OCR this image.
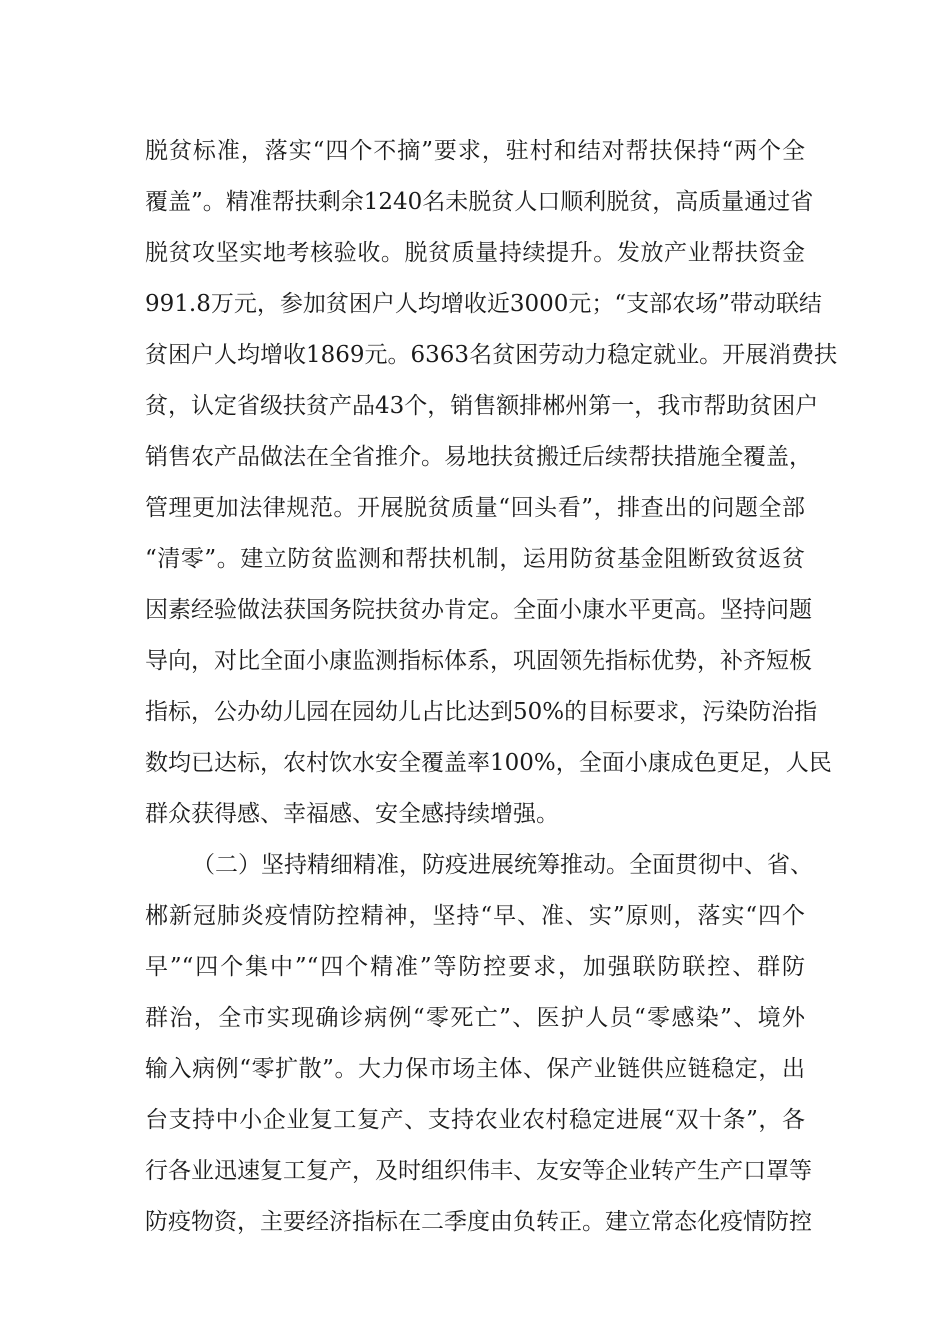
脱贫标准，落实“四个不摘”要求，驻村和结对帮扶保持“两个全
覆盖”。精准帮扶剩余1240名未脱贫人口顺利脱贫，高质量通过省
脱贫攻坚实地考核验收。脱贫质量持续提升。发放产业帮扶资金
991.8万元，参加贫困户人均增收近3000元；“支部农场”带动联结
贫困户人均增收1869元。6363名贫困劳动力稳定就业。开展消费扶
贫，认定省级扶贫产品43个，销售额排郴州第一，我市帮助贫困户
销售农产品做法在全省推介。易地扶贫搬迁后续帮扶措施全覆盖，
管理更加法律规范。开展脱贫质量“回头看”，排查出的问题全部
“清零”。建立防贫监测和帮扶机制，运用防贫基金阻断致贫返贫
因素经验做法获国务院扶贫办肯定。全面小康水平更高。坚持问题
导向，对比全面小康监测指标体系，巩固领先指标优势，补齐短板
指标，公办幼儿园在园幼儿占比达到50%的目标要求，污染防治指
数均已达标，农村饮水安全覆盖率100%，全面小康成色更足，人民
群众获得感、幸福感、安全感持续增强。
（二）坚持精细精准，防疫进展统筹推动。全面贯彻中、省、
郴新冠肺炎疫情防控精神，坚持“早、准、实”原则，落实“四个
早”“四个集中”“四个精准”等防控要求，加强联防联控、群防
群治，全市实现确诊病例“零死亡”、医护人员“零感染”、境外
输入病例“零扩散”。大力保市场主体、保产业链供应链稳定，出
台支持中小企业复工复产、支持农业农村稳定进展“双十条”，各
行各业迅速复工复产，及时组织伟丰、友安等企业转产生产口罩等
防疫物资，主要经济指标在二季度由负转正。建立常态化疫情防控
